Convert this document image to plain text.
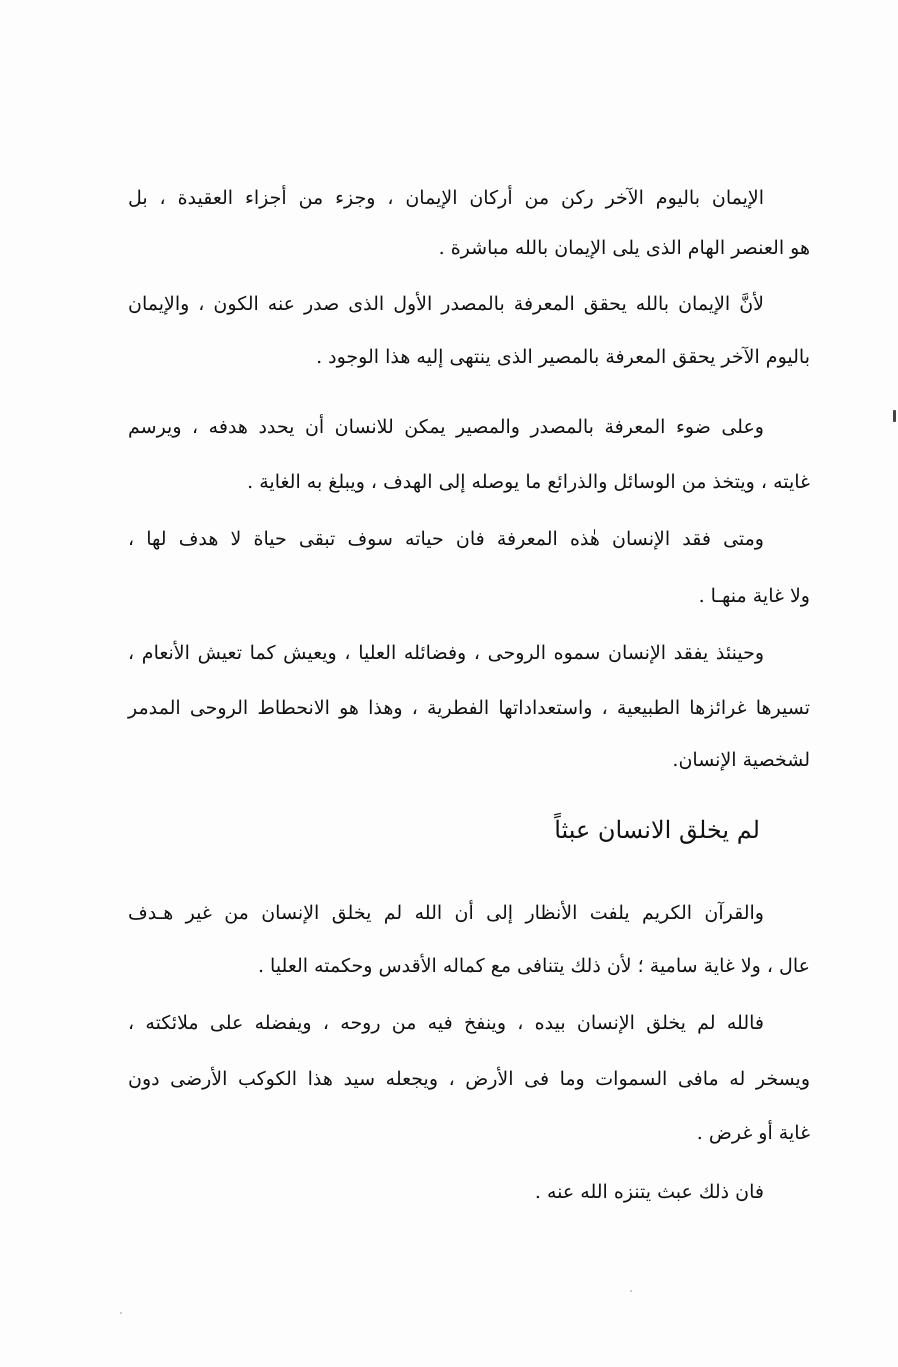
الإيمان باليوم الآخر ركن من أركان الإيمان ، وجزء من أجزاء العقيدة ، بل
هو العنصر الهام الذى يلى الإيمان بالله مباشرة .
لأنَّ الإيمان بالله يحقق المعرفة بالمصدر الأول الذى صدر عنه الكون ، والإيمان
باليوم الآخر يحقق المعرفة بالمصير الذى ينتهى إليه هذا الوجود .
وعلى ضوء المعرفة بالمصدر والمصير يمكن للانسان أن يحدد هدفه ، ويرسم
غايته ، ويتخذ من الوسائل والذرائع ما يوصله إلى الهدف ، ويبلغ به الغاية .
ومتى فقد الإنسان هٰذه المعرفة فان حياته سوف تبقى حياة لا هدف لها ،
ولا غاية منهـا .
وحينئذ يفقد الإنسان سموه الروحى ، وفضائله العليا ، ويعيش كما تعيش الأنعام ،
تسيرها غرائزها الطبيعية ، واستعداداتها الفطرية ، وهذا هو الانحطاط الروحى المدمر
لشخصية الإنسان.
لم يخلق الانسان عبثاً
والقرآن الكريم يلفت الأنظار إلى أن الله لم يخلق الإنسان من غير هـدف
عال ، ولا غاية سامية ؛ لأن ذلك يتنافى مع كماله الأقدس وحكمته العليا .
فالله لم يخلق الإنسان بيده ، وينفخ فيه من روحه ، ويفضله على ملائكته ،
ويسخر له مافى السموات وما فى الأرض ، ويجعله سيد هذا الكوكب الأرضى دون
غاية أو غرض .
فان ذلك عبث يتنزه الله عنه .
